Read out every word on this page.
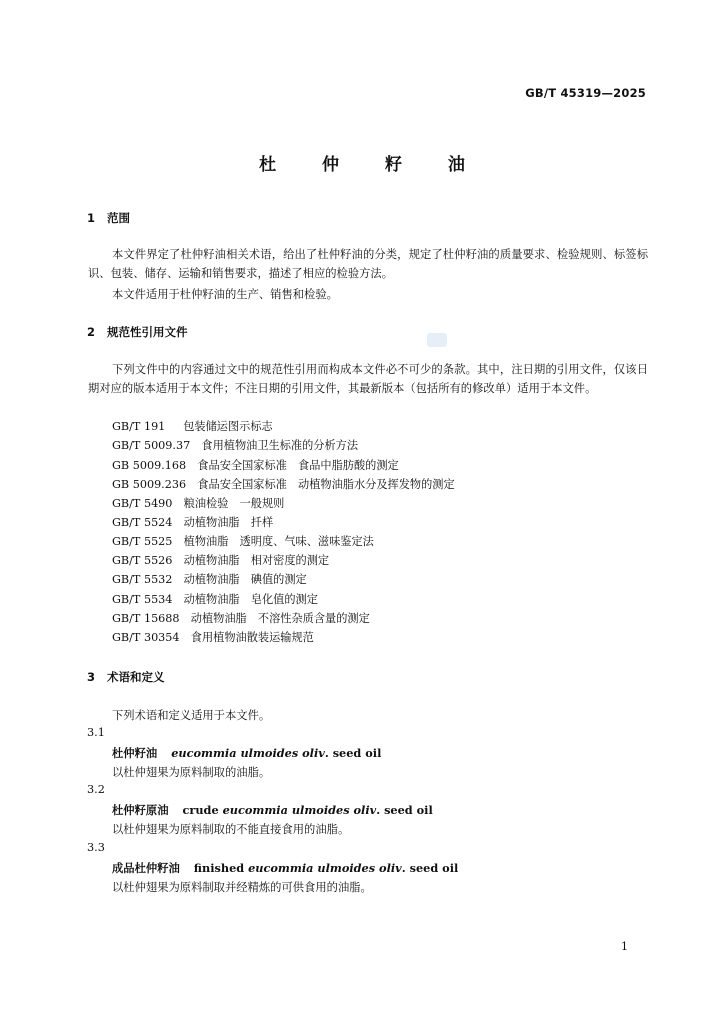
GB/T 45319—2025
杜 仲 籽 油
1 范围
本文件界定了杜仲籽油相关术语，给出了杜仲籽油的分类，规定了杜仲籽油的质量要求、检验规则、标签标识、包装、储存、运输和销售要求，描述了相应的检验方法。
本文件适用于杜仲籽油的生产、销售和检验。
2 规范性引用文件
下列文件中的内容通过文中的规范性引用而构成本文件必不可少的条款。其中，注日期的引用文件，仅该日期对应的版本适用于本文件；不注日期的引用文件，其最新版本（包括所有的修改单）适用于本文件。
GB/T 191　 包装储运图示标志
GB/T 5009.37　 食用植物油卫生标准的分析方法
GB 5009.168　 食品安全国家标准　食品中脂肪酸的测定
GB 5009.236　 食品安全国家标准　动植物油脂水分及挥发物的测定
GB/T 5490　 粮油检验　一般规则
GB/T 5524　 动植物油脂　扦样
GB/T 5525　 植物油脂　透明度、气味、滋味鉴定法
GB/T 5526　 动植物油脂　相对密度的测定
GB/T 5532　 动植物油脂　碘值的测定
GB/T 5534　 动植物油脂　皂化值的测定
GB/T 15688　 动植物油脂　不溶性杂质含量的测定
GB/T 30354　 食用植物油散装运输规范
3 术语和定义
下列术语和定义适用于本文件。
3.1
杜仲籽油 eucommia ulmoides oliv. seed oil
以杜仲翅果为原料制取的油脂。
3.2
杜仲籽原油 crude eucommia ulmoides oliv. seed oil
以杜仲翅果为原料制取的不能直接食用的油脂。
3.3
成品杜仲籽油 finished eucommia ulmoides oliv. seed oil
以杜仲翅果为原料制取并经精炼的可供食用的油脂。
1
